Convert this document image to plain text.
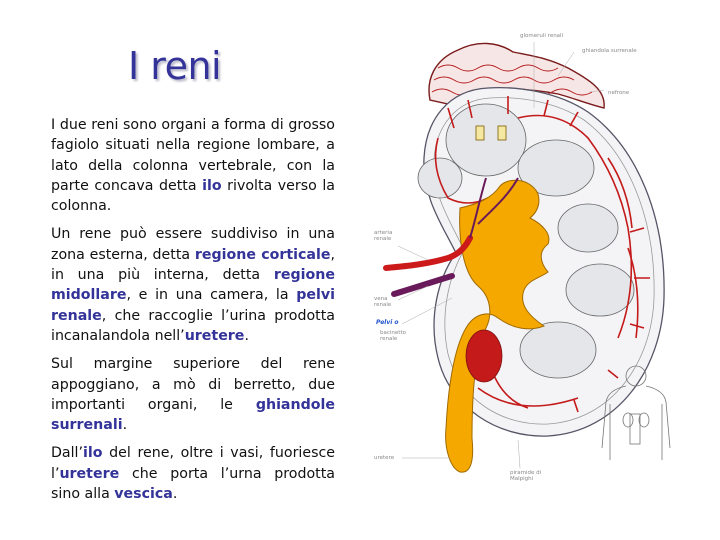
I reni

I due reni sono organi a forma di grosso fagiolo situati nella regione lombare, a lato della colonna vertebrale, con la parte concava detta ilo rivolta verso la colonna.

Un rene può essere suddiviso in una zona esterna, detta regione corticale, in una più interna, detta regione midollare, e in una camera, la pelvi renale, che raccoglie l’urina prodotta incanalandola nell’uretere.

Sul margine superiore del rene appoggiano, a mò di berretto, due importanti organi, le ghiandole surrenali.

Dall’ilo del rene, oltre i vasi, fuoriesce l’uretere che porta l’urna prodotta sino alla vescica.

glomeruli renali
ghiandola surrenale
nefrone
arteria renale
vena renale
Pelvi o
bacinetto renale
uretere
piramide di Malpighi
